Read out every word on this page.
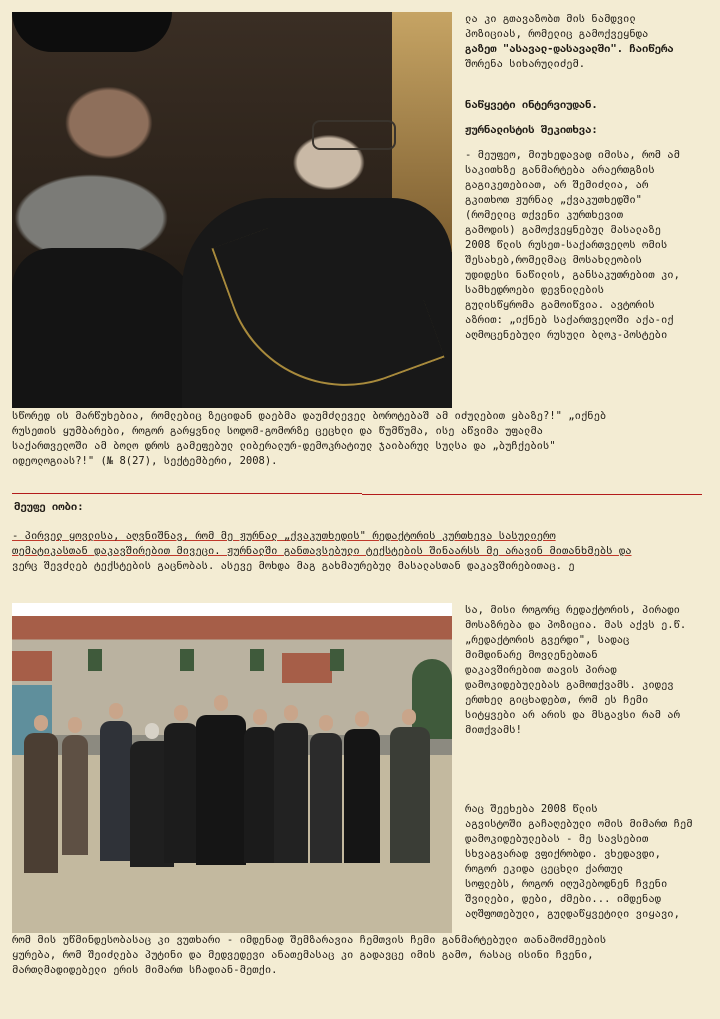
ლა კი გთავაზობთ მის ნამდვილ
პოზიციას, რომელიც გამოქვეყნდა
გაზეთ "ასავალ-დასავალში". ჩაიწერა
შორენა სიხარულიძემ.
ნაწყვეტი ინტერვიუდან.
ჟურნალისტის შეკითხვა:
- მეუფეო, მიუხედავად იმისა, რომ ამ
საკითხზე განმარტება არაერთგზის
გაგიკეთებიათ, არ შემიძლია, არ
გკითხოთ ჟურნალ „ქვაკუთხედში"
(რომელიც თქვენი კურთხევით
გამოდის) გამოქვეყნებულ მასალაზე
2008 წლის რუსეთ-საქართველოს ომის
შესახებ,რომელმაც მოსახლეობის
უდიდესი ნაწილის, განსაკუთრებით კი,
სამხედროები დევნილების
გულისწყრომა გამოიწვია. ავტორის
აზრით: „იქნებ საქართველოში აქა-იქ
აღმოცენებული რუსული ბლოკ-პოსტები
სწორედ ის მარწუხებია, რომლებიც ზეციდან დაებმა დაუმძლეველ ბოროტებაშ ამ იძულებით ყბაზე?!" „იქნებ
რუსეთის ყუმბარები, როგორ გარყვნილ სოდომ-გომორზე ცეცხლი და წუმწუმა, ისე აწვიმა უფალმა
საქართველოში ამ ბოლო დროს გამეფებულ ლიბერალურ-დემოკრატიულ ჯაიბარულ სულსა და „ბუჩქების"
იდეოლოგიას?!" (№ 8(27), სექტემბერი, 2008).
მეუფე იობი:
- პირველ ყოვლისა, აღვნიშნავ, რომ მე ჟურნალ „ქვაკუთხედის" რედაქტორის კურთხევა სასულიერო
თემატიკასთან დაკავშირებით მივეცი. ჟურნალში განთავსებული ტექსტების შინაარსს მე არავინ მითანხმებს და
ვერც შევძლებ ტექსტების გაცნობას. ასევე მოხდა მაგ გახმაურებულ მასალასთან დაკავშირებითაც. ე
სა, მისი როგორც რედაქტორის, პირადი
მოსაზრება და პოზიცია. მას აქვს ე.წ.
„რედაქტორის გვერდი", სადაც
მიმდინარე მოვლენებთან
დაკავშირებით თავის პირად
დამოკიდებულებას გამოთქვამს. კიდევ
ერთხელ გიცხადებთ, რომ ეს ჩემი
სიტყვები არ არის და მსგავსი რამ არ
მითქვამს!
რაც შეეხება 2008 წლის
აგვისტოში გაჩაღებული ომის მიმართ ჩემ
დამოკიდებულებას - მე სავსებით
სხვაგვარად ვფიქრობდი. ვხედავდი,
როგორ ეკიდა ცეცხლი ქართულ
სოფლებს, როგორ იღუპებოდნენ ჩვენი
შვილები, დები, ძმები... იმდენად
აღშფოთებული, გულდაწყვეტილი ვიყავი,
რომ მის უწმინდესობასაც კი ვუთხარი - იმდენად შემზარავია ჩემთვის ჩემი განმარტებული თანამოძმეების
ყურება, რომ შეიძლება პუტინი და მედვედევი ანათემასაც კი გადავცე იმის გამო, რასაც ისინი ჩვენი,
მართლმადიდებელი ერის მიმართ სჩადიან-მეთქი.
